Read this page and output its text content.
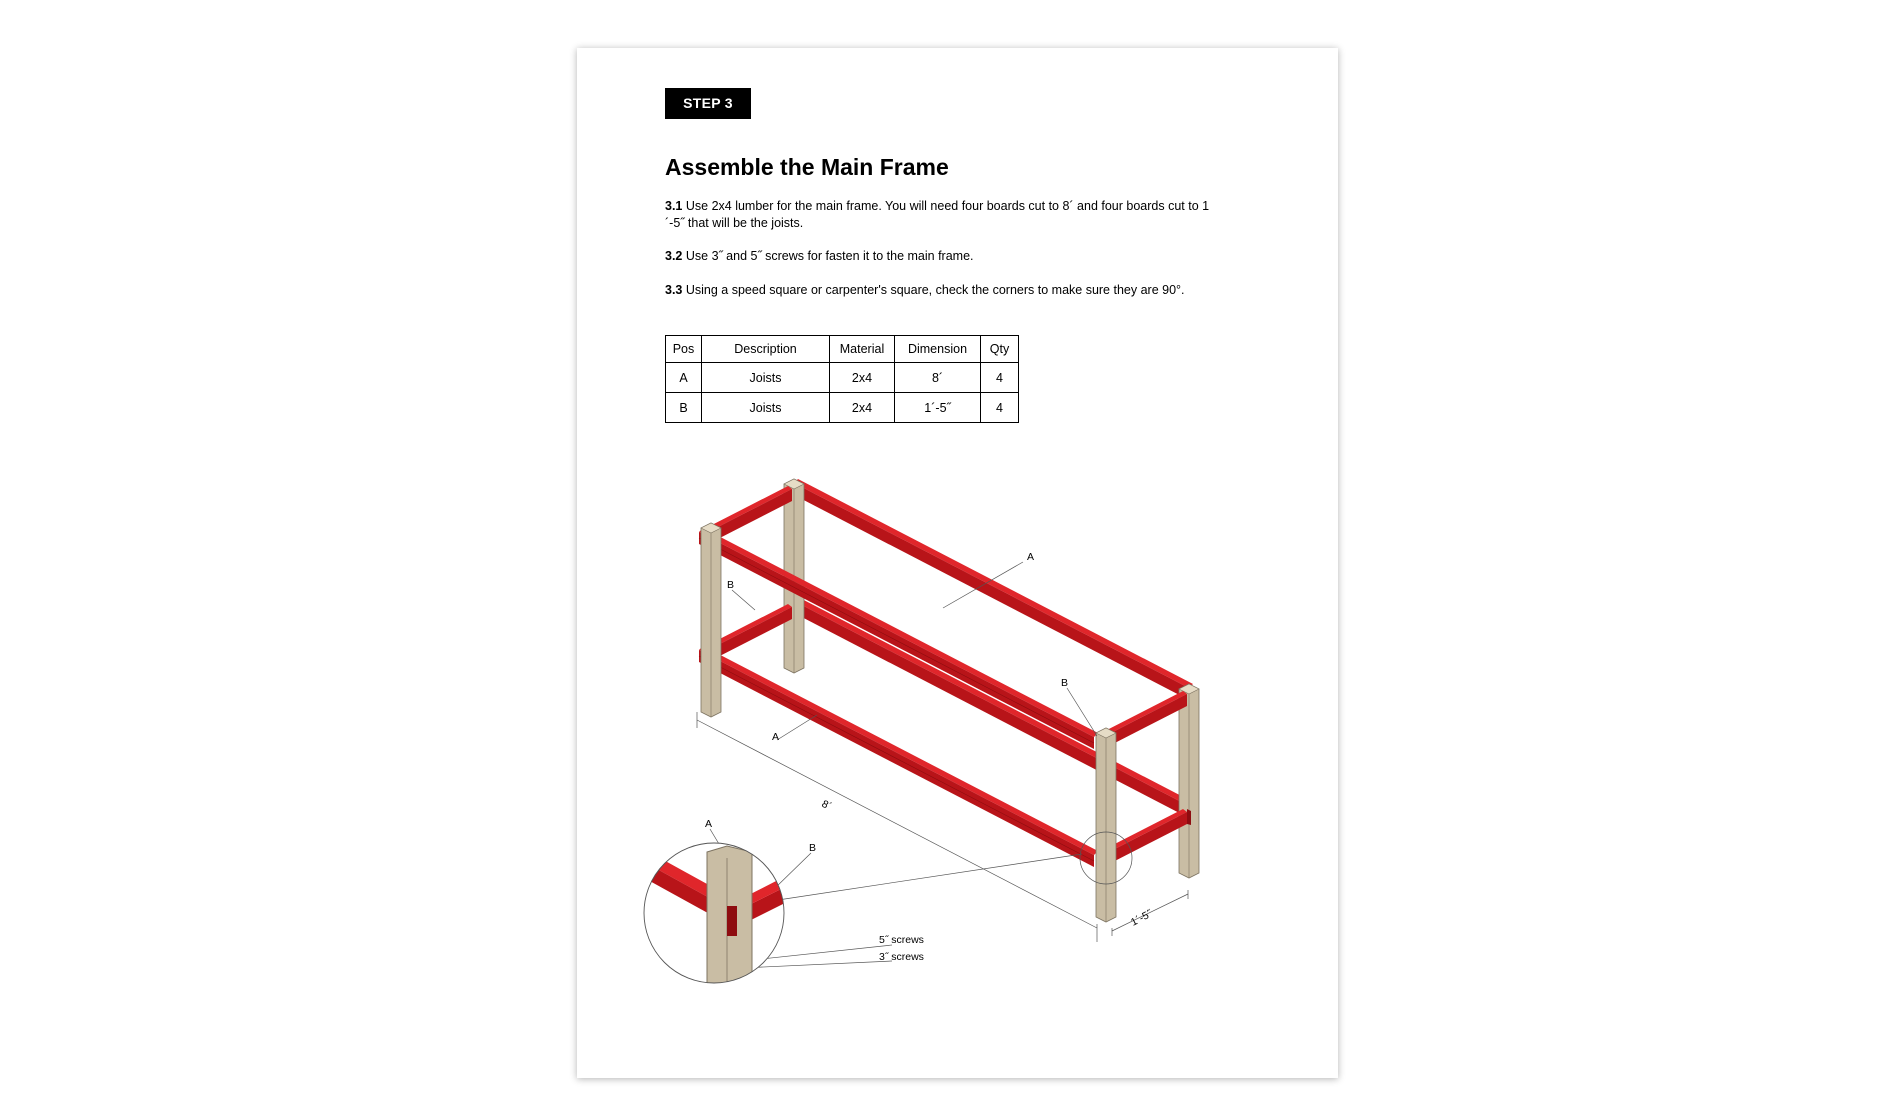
STEP 3
Assemble the Main Frame

3.1 Use 2x4 lumber for the main frame. You will need four boards cut to 8´ and four boards cut to 1´-5˝ that will be the joists.

3.2 Use 3˝ and 5˝ screws for fasten it to the main frame.

3.3 Using a speed square or carpenter's square, check the corners to make sure they are 90°.

Pos	Description	Material	Dimension	Qty
A	Joists	2x4	8´	4
B	Joists	2x4	1´-5˝	4
A
A
B
B
A
B
8´
1´-5˝
5˝ screws
3˝ screws
